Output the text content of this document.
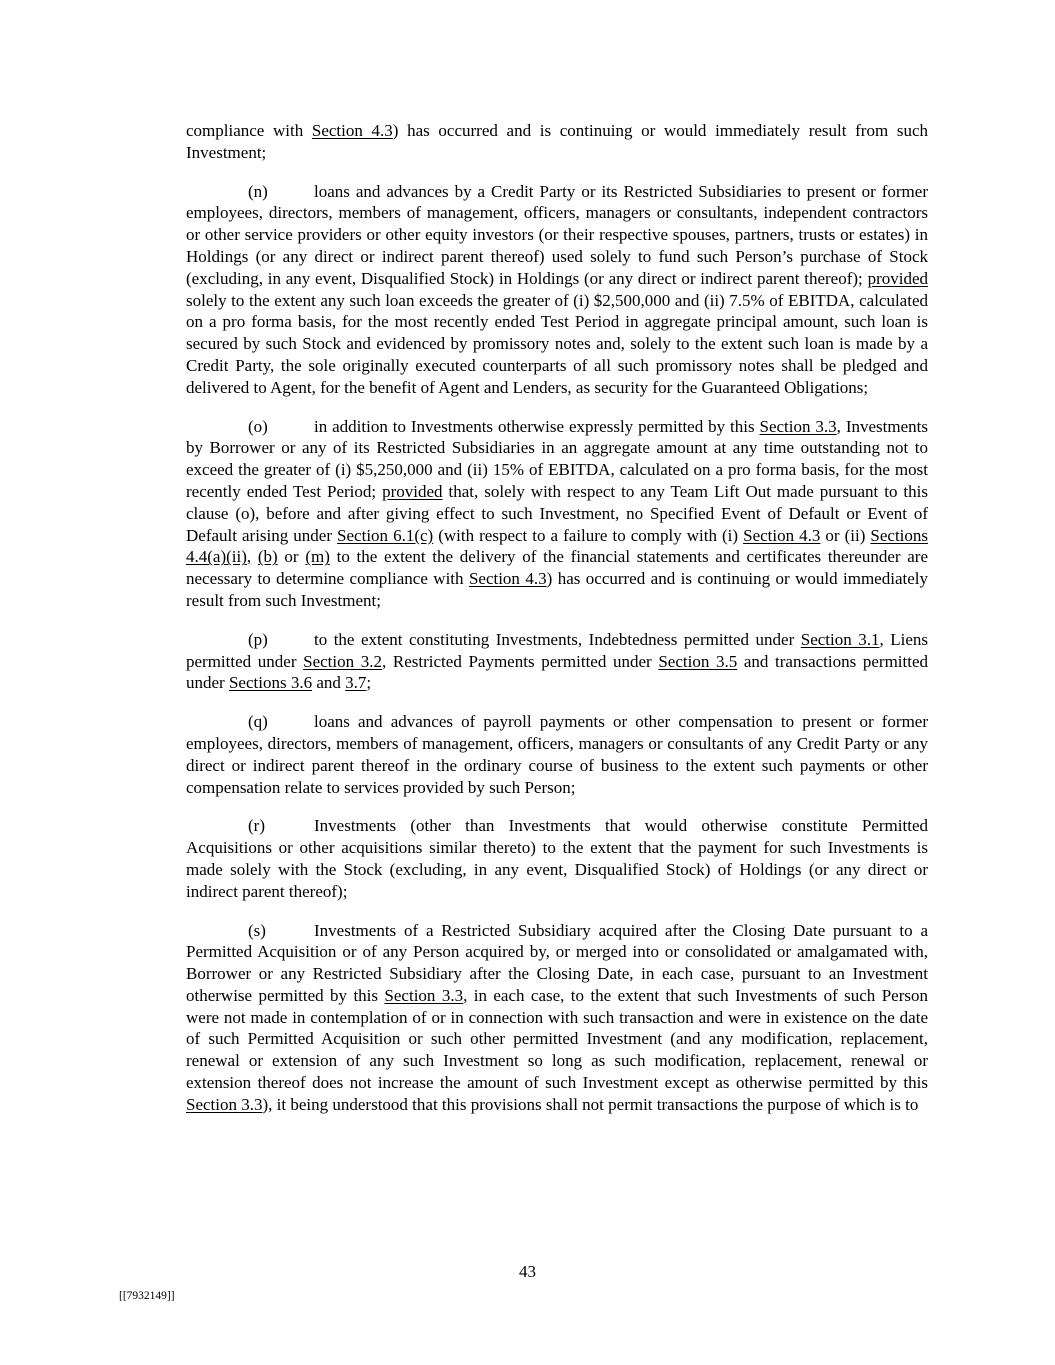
compliance with Section 4.3) has occurred and is continuing or would immediately result from such Investment;

(n)	loans and advances by a Credit Party or its Restricted Subsidiaries to present or former employees, directors, members of management, officers, managers or consultants, independent contractors or other service providers or other equity investors (or their respective spouses, partners, trusts or estates) in Holdings (or any direct or indirect parent thereof) used solely to fund such Person’s purchase of Stock (excluding, in any event, Disqualified Stock) in Holdings (or any direct or indirect parent thereof); provided solely to the extent any such loan exceeds the greater of (i) $2,500,000 and (ii) 7.5% of EBITDA, calculated on a pro forma basis, for the most recently ended Test Period in aggregate principal amount, such loan is secured by such Stock and evidenced by promissory notes and, solely to the extent such loan is made by a Credit Party, the sole originally executed counterparts of all such promissory notes shall be pledged and delivered to Agent, for the benefit of Agent and Lenders, as security for the Guaranteed Obligations;

(o)	in addition to Investments otherwise expressly permitted by this Section 3.3, Investments by Borrower or any of its Restricted Subsidiaries in an aggregate amount at any time outstanding not to exceed the greater of (i) $5,250,000 and (ii) 15% of EBITDA, calculated on a pro forma basis, for the most recently ended Test Period; provided that, solely with respect to any Team Lift Out made pursuant to this clause (o), before and after giving effect to such Investment, no Specified Event of Default or Event of Default arising under Section 6.1(c) (with respect to a failure to comply with (i) Section 4.3 or (ii) Sections 4.4(a)(ii), (b) or (m) to the extent the delivery of the financial statements and certificates thereunder are necessary to determine compliance with Section 4.3) has occurred and is continuing or would immediately result from such Investment;

(p)	to the extent constituting Investments, Indebtedness permitted under Section 3.1, Liens permitted under Section 3.2, Restricted Payments permitted under Section 3.5 and transactions permitted under Sections 3.6 and 3.7;

(q)	loans and advances of payroll payments or other compensation to present or former employees, directors, members of management, officers, managers or consultants of any Credit Party or any direct or indirect parent thereof in the ordinary course of business to the extent such payments or other compensation relate to services provided by such Person;

(r)	Investments (other than Investments that would otherwise constitute Permitted Acquisitions or other acquisitions similar thereto) to the extent that the payment for such Investments is made solely with the Stock (excluding, in any event, Disqualified Stock) of Holdings (or any direct or indirect parent thereof);

(s)	Investments of a Restricted Subsidiary acquired after the Closing Date pursuant to a Permitted Acquisition or of any Person acquired by, or merged into or consolidated or amalgamated with, Borrower or any Restricted Subsidiary after the Closing Date, in each case, pursuant to an Investment otherwise permitted by this Section 3.3, in each case, to the extent that such Investments of such Person were not made in contemplation of or in connection with such transaction and were in existence on the date of such Permitted Acquisition or such other permitted Investment (and any modification, replacement, renewal or extension of any such Investment so long as such modification, replacement, renewal or extension thereof does not increase the amount of such Investment except as otherwise permitted by this Section 3.3), it being understood that this provisions shall not permit transactions the purpose of which is to

43
[[7932149]]
